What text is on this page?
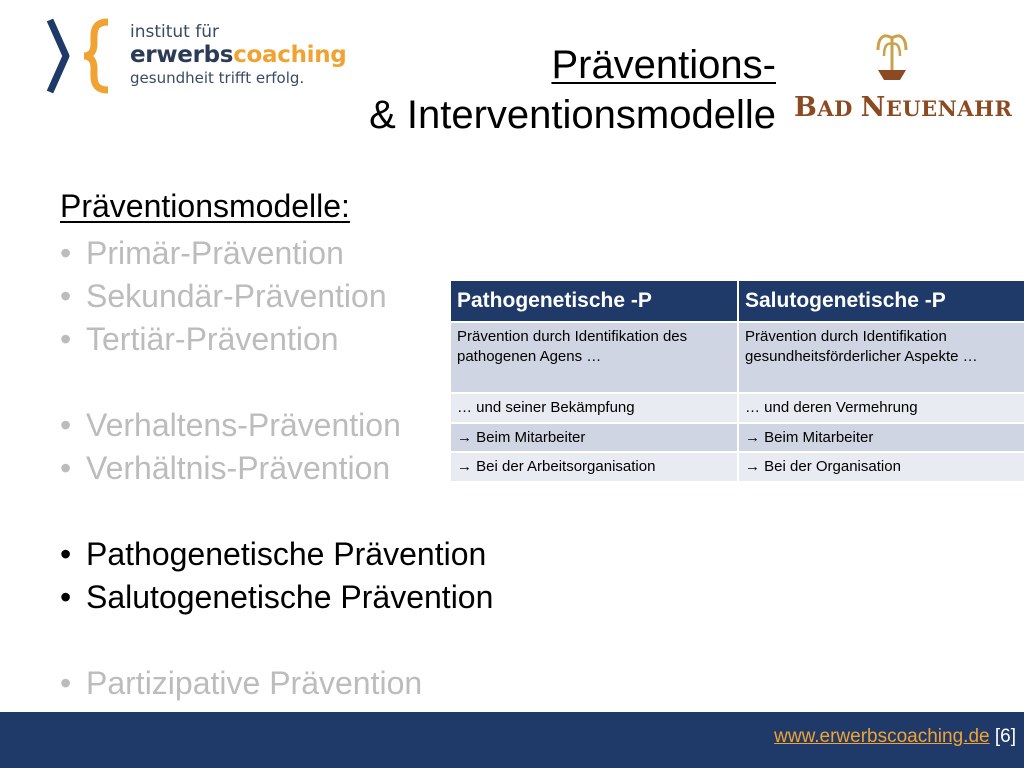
institut für
erwerbscoaching
gesundheit trifft erfolg.	Präventions-
& Interventionsmodelle BAD NEUENAHR
Präventionsmodelle:
• Primär-Prävention
• Sekundär-Prävention
• Tertiär-Prävention
• Verhaltens-Prävention
• Verhältnis-Prävention
• Pathogenetische Prävention
• Salutogenetische Prävention
• Partizipative Prävention
Pathogenetische -P	Salutogenetische -P
Prävention durch Identifikation des pathogenen Agens …	Prävention durch Identifikation gesundheitsförderlicher Aspekte …
… und seiner Bekämpfung	… und deren Vermehrung
→ Beim Mitarbeiter	→ Beim Mitarbeiter
→ Bei der Arbeitsorganisation	→ Bei der Organisation
www.erwerbscoaching.de [6]
